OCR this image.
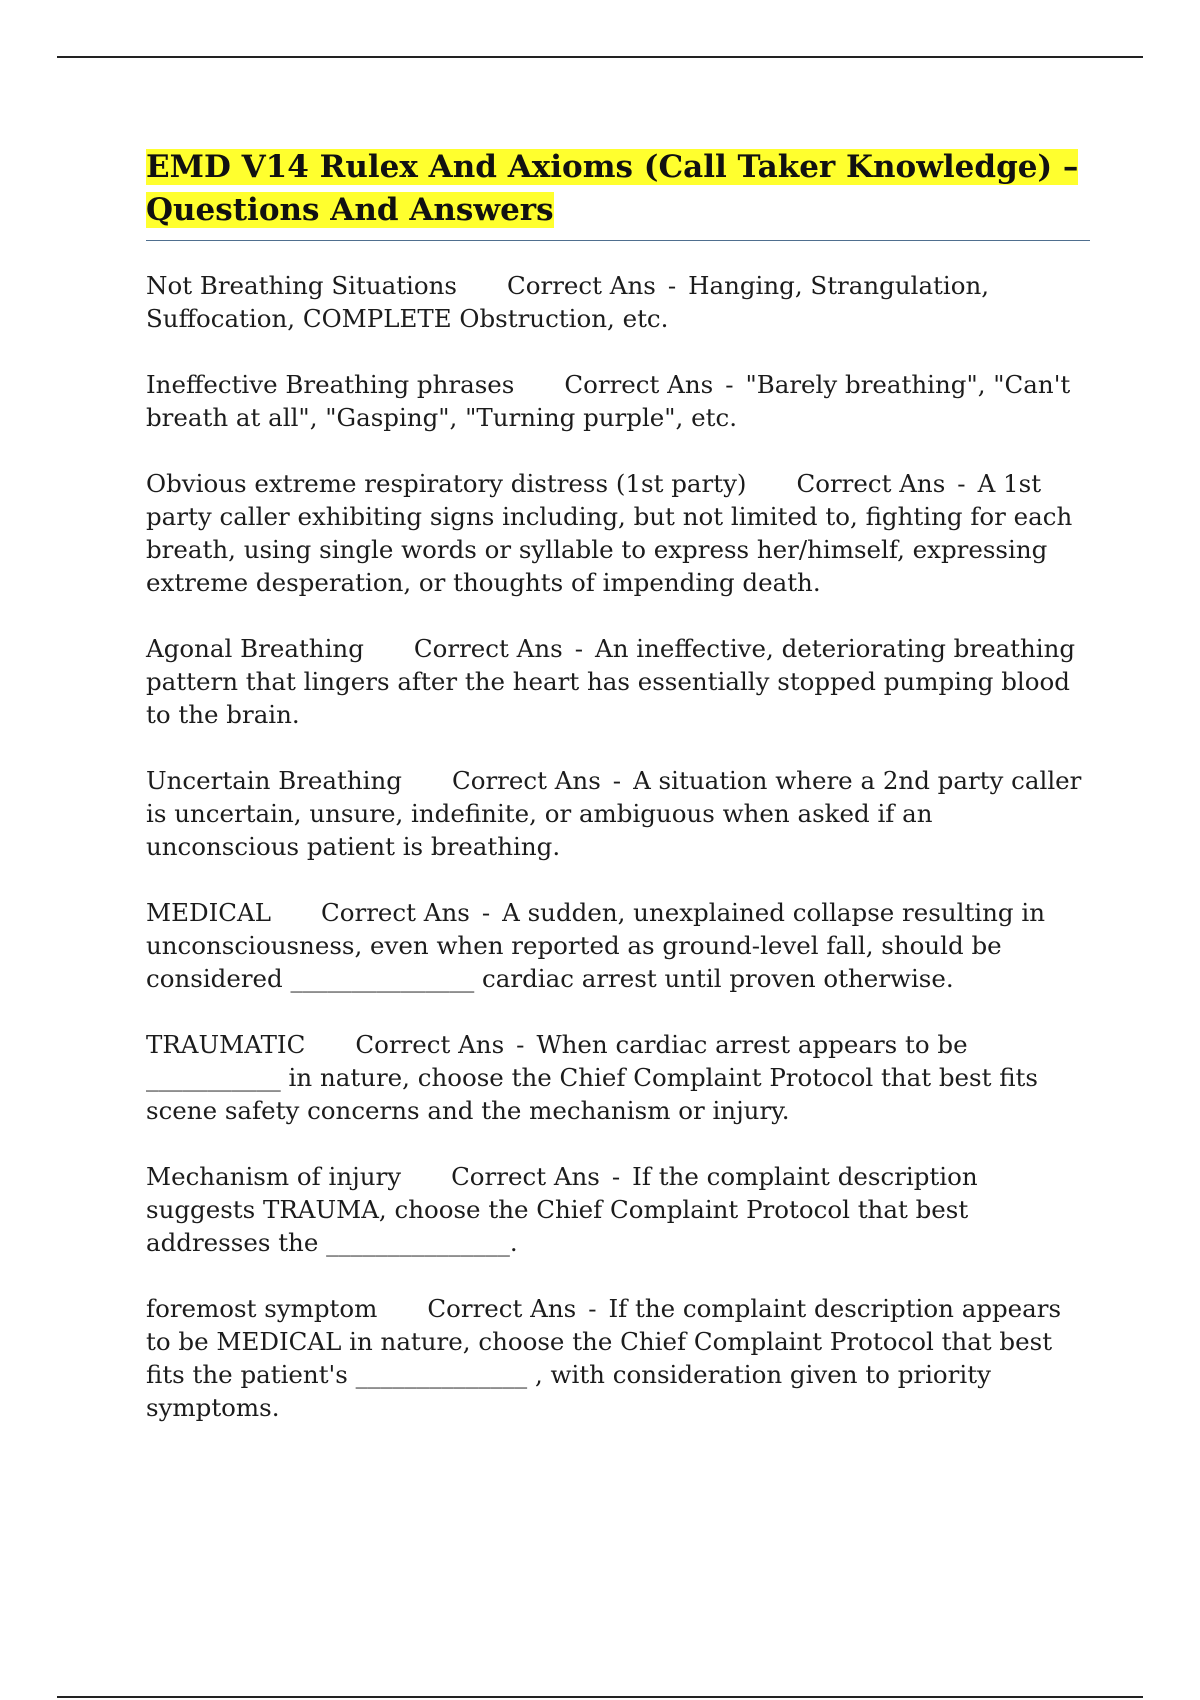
EMD V14 Rulex And Axioms (Call Taker Knowledge) – Questions And Answers

Not Breathing Situations Correct Ans - Hanging, Strangulation, Suffocation, COMPLETE Obstruction, etc.

Ineffective Breathing phrases Correct Ans - "Barely breathing", "Can't breath at all", "Gasping", "Turning purple", etc.

Obvious extreme respiratory distress (1st party) Correct Ans - A 1st party caller exhibiting signs including, but not limited to, fighting for each breath, using single words or syllable to express her/himself, expressing extreme desperation, or thoughts of impending death.

Agonal Breathing Correct Ans - An ineffective, deteriorating breathing pattern that lingers after the heart has essentially stopped pumping blood to the brain.

Uncertain Breathing Correct Ans - A situation where a 2nd party caller is uncertain, unsure, indefinite, or ambiguous when asked if an unconscious patient is breathing.

MEDICAL Correct Ans - A sudden, unexplained collapse resulting in unconsciousness, even when reported as ground-level fall, should be considered _______________ cardiac arrest until proven otherwise.

TRAUMATIC Correct Ans - When cardiac arrest appears to be ___________ in nature, choose the Chief Complaint Protocol that best fits scene safety concerns and the mechanism or injury.

Mechanism of injury Correct Ans - If the complaint description suggests TRAUMA, choose the Chief Complaint Protocol that best addresses the _______________.

foremost symptom Correct Ans - If the complaint description appears to be MEDICAL in nature, choose the Chief Complaint Protocol that best fits the patient's ______________ , with consideration given to priority symptoms.
